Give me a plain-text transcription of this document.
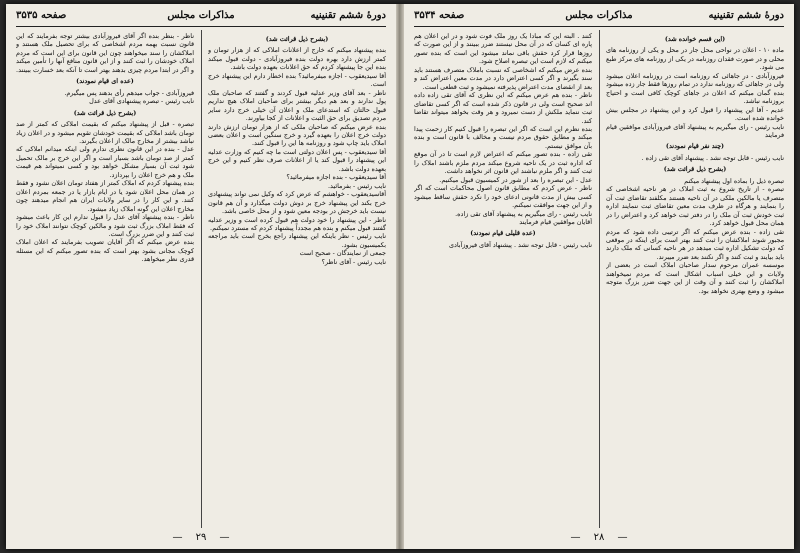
دورهٔ ششم تقنینیه
مذاکرات مجلس
صفحه ۳۵۳۵

(بشرح ذیل قرائت شد)

بنده پیشنهاد میکنم که خارج از اعلانات املاکی که از هزار تومان و کمتر ارزش دارد بهره دولت بنده فیروزآبادی - دولت قبول میکند بنده این جا پیشنهاد کردم که حق اعلانات بعهده دولت باشد.

آقا سیدیعقوب - اجازه میفرمائید؟ بنده اخطار دارم این پیشنهاد خرج است.

ناظر - بعد آقای وزیر عدلیه قبول کردند و گفتند که صاحبان ملک پول ندارند و بعد هم دیگر بیشتر برای صاحبان املاک هیچ نداریم قبول حالتان که استدعای ملک و اعلان آن خیلی خرج دارد سایر مردم تصدیق برای حق الثبت و اعلانات از کجا بیاورند.

بنده عرض میکنم که صاحبان ملکی که از هزار تومان ارزش دارند دولت خرج اعلان را بعهده گیرد و خرج سنگین است و اعلان بعضی املاک باید چاپ شود و روزنامه ها این را قبول کنند.

آقا سیدیعقوب - پس اعلان دولتی است ما چه کنیم که وزارت عدلیه این پیشنهاد را قبول کند یا از اعلانات صرف نظر کنیم و این خرج بعهده دولت باشد.

آقا سیدیعقوب - بنده اجازه میفرمائید؟

نایب رئیس - بفرمائید.

آقاسیدیعقوب - خواهشم که عرض کرد که وکیل نمی تواند پیشنهادی خرج بکند این پیشنهاد خرج بر دوش دولت میگذارد و آن هم قانون نیست باید خرجش در بودجه معین شود و از محل خاصی باشد.

ناظر - این پیشنهاد را خود دولت هم قبول کرده است و وزیر عدلیه گفتند قبول میکنم و بنده هم مجدداً پیشنهاد کردم که مسترد نمیکنم.

نایب رئیس - نظر باینکه این پیشنهاد راجع بخرج است باید مراجعه بکمیسیون بشود.

جمعی از نمایندگان - صحیح است

نایب رئیس - آقای ناظر؟

ناظر - بنظر بنده اگر آقای فیروزآبادی بیشتر توجه بفرمایند که این قانون نسبت بهمه مردم اشخاصی که برای تحصیل ملک هستند و املاکشان را سند میخواهند چون این قانون برای این است که مردم املاک خودشان را ثبت کنند و از این قانون منافع آنها را تأمین میکند و اگر در ابتدا مردم چیزی بدهند بهتر است تا آنکه بعد خسارت ببینند.

(عده ای قیام نمودند)

فیروزآبادی - جواب میدهم رأی بدهند پس میگیرم.

نایب رئیس - تبصره پیشنهادی آقای عدل

(بشرح ذیل قرائت شد)

تبصره - قبل از پیشنهاد میکنم که بقیمت املاکی که کمتر از صد تومان باشد املاکی که بقیمت خودشان تقویم میشود و در اعلان زیاد نباشد بیشتر از مخارج مالک از اعلان بگیرند.

عدل - بنده در این قانون نظری ندارم ولی اینکه میدانم املاکی که کمتر از صد تومان باشد بسیار است و اگر این خرج بر مالک تحمیل شود ثبت آن بسیار مشکل خواهد بود و کسی نمیتواند هم قیمت ملک و هم خرج اعلان را بپردازد.

بنده پیشنهاد کردم که املاک کمتر از هفتاد تومان اعلان نشود و فقط در همان محل اعلان شود یا در ایام بازار یا در جمعه بمردم اعلان کنند. و این کار را در سایر ولایات ایران هم انجام میدهند چون مخارج اعلان این گونه املاک زیاد میشود.

ناظر - بنده پیشنهاد آقای عدل را قبول ندارم این کار باعث میشود که فقط املاک بزرگ ثبت شود و مالکین کوچک نتوانند املاک خود را ثبت کنند و این ضرر بزرگ است.

بنده عرض میکنم که اگر آقایان تصویب بفرمایند که اعلان املاک کوچک مجانی بشود بهتر است که بنده تصور میکنم که این مسئله قدری نظر میخواهد.

— ۲۹ —
دورهٔ ششم تقنینیه
مذاکرات مجلس
صفحه ۳۵۳۴

(این قسم خوانده شد)

ماده ۱۰ - اعلان در نواحی محل جار در محل و یکی از روزنامه های محلی و در صورت فقدان روزنامه در یکی از روزنامه های مرکز طبع می شود.

فیروزآبادی - در جاهائی که روزنامه است در روزنامه اعلان میشود ولی در جاهائی که روزنامه ندارد در تمام روزها فقط جار زده میشود بنده گمان میکنم که اعلان در جاهای کوچک کافی است و احتیاج بروزنامه نباشد.

عدیم - آقا این پیشنهاد را قبول کرد و این پیشنهاد در مجلس بیش خوانده شده است.

نایب رئیس - رای میگیریم به پیشنهاد آقای فیروزآبادی موافقین قیام فرمایند

(چند نفر قیام نمودند)

نایب رئیس - قابل توجه نشد . پیشنهاد آقای تقی زاده .

(بشرح ذیل قرائت شد)

تبصره ذیل را بماده اول پیشنهاد میکنم

تبصره - از تاریخ شروع به ثبت املاک در هر ناحیه اشخاصی که متصرف یا مالکین ملکی در آن ناحیه هستند مکلفند تقاضای ثبت آن را بنمایند و هرگاه در ظرف مدت معین تقاضای ثبت ننمایند اداره ثبت خودش ثبت آن ملک را در دفتر ثبت خواهد کرد و اعتراض را در همان محل قبول خواهد کرد.

تقی زاده - بنده عرض میکنم که اگر ترتیبی داده شود که مردم مجبور شوند املاکشان را ثبت کنند بهتر است برای اینکه در موقعی که دولت تشکیل اداره ثبت میدهد در هر ناحیه کسانی که ملک دارند باید بیایند و ثبت کنند و اگر نکنند بعد ضرر میبرند.

موسسه عمران مرحوم سدار صاحبان املاک است در بعضی از ولایات و این خیلی اسباب اشکال است که مردم نمیخواهند املاکشان را ثبت کنند و آن وقت از این جهت ضرر بزرگ متوجه میشود و وضع بهتری نخواهد بود.

کنند . البته این که مبادا یک روز ملک فوت شود و در این اعلان هم پاره ای کسان که در آن محل نیستند ضرر ببینند و از این صورت که روزها قرار کرد حقش باقی نماند میشود این است که بنده تصور میکنم که لازم است این تبصره اصلاح شود.

بنده عرض میکنم که اشخاصی که نسبت باملاک متصرف هستند باید سند بگیرند و اگر کسی اعتراض دارد در مدت معین اعتراض کند و بعد از انقضای مدت اعتراض پذیرفته نمیشود و ثبت قطعی است.

ناظر - بنده هم عرض میکنم که این نظری که آقای تقی زاده داده اند صحیح است ولی در قانون ذکر شده است که اگر کسی تقاضای ثبت ننماید ملکش از دست نمیرود و هر وقت بخواهد میتواند تقاضا کند.

بنده نظرم این است که اگر این تبصره را قبول کنیم کار زحمت پیدا میکند و مطابق حقوق مردم نیست و مخالف با قانون است و بنده بآن موافق نیستم.

تقی زاده - بنده تصور میکنم که اعتراض لازم است تا در آن موقع که اداره ثبت در یک ناحیه شروع میکند مردم ملزم باشند املاک را ثبت کنند و اگر ملزم نباشند این قانون اثر نخواهد داشت.

عدل - این تبصره را بعد از شور در کمیسیون قبول میکنیم.

ناظر - عرض کردم که مطابق قانون اصول محاکمات است که اگر کسی بیش از مدت قانونی ادعای خود را نکرد حقش ساقط میشود و از این جهت موافقت نمیکنم.

نایب رئیس - رای میگیریم به پیشنهاد آقای تقی زاده.

آقایان موافقین قیام فرمایند

(عده قلیلی قیام نمودند)

نایب رئیس - قابل توجه نشد . پیشنهاد آقای فیروزآبادی

— ۲۸ —
